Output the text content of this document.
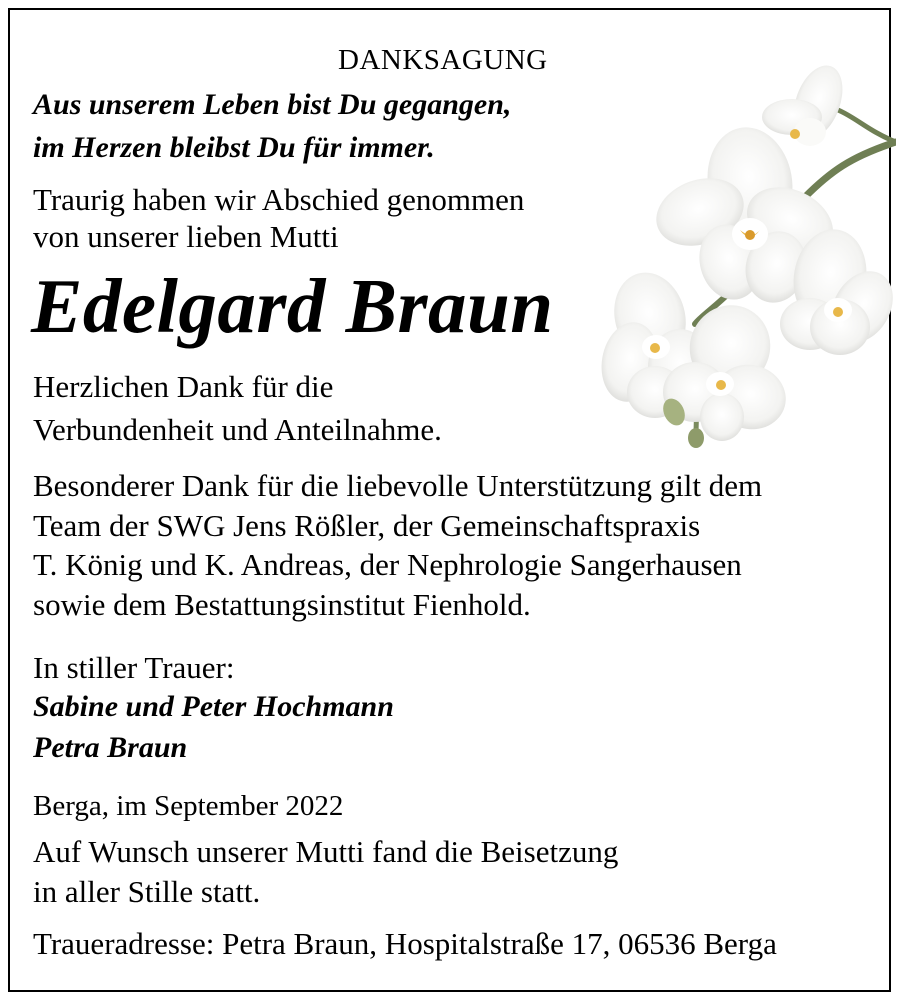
DANKSAGUNG
Aus unserem Leben bist Du gegangen,
im Herzen bleibst Du für immer.
Traurig haben wir Abschied genommen
von unserer lieben Mutti
Edelgard Braun
Herzlichen Dank für die
Verbundenheit und Anteilnahme.
Besonderer Dank für die liebevolle Unterstützung gilt dem
Team der SWG Jens Rößler, der Gemeinschaftspraxis
T. König und K. Andreas, der Nephrologie Sangerhausen
sowie dem Bestattungsinstitut Fienhold.
In stiller Trauer:
Sabine und Peter Hochmann
Petra Braun
Berga, im September 2022
Auf Wunsch unserer Mutti fand die Beisetzung
in aller Stille statt.
Traueradresse: Petra Braun, Hospitalstraße 17, 06536 Berga
